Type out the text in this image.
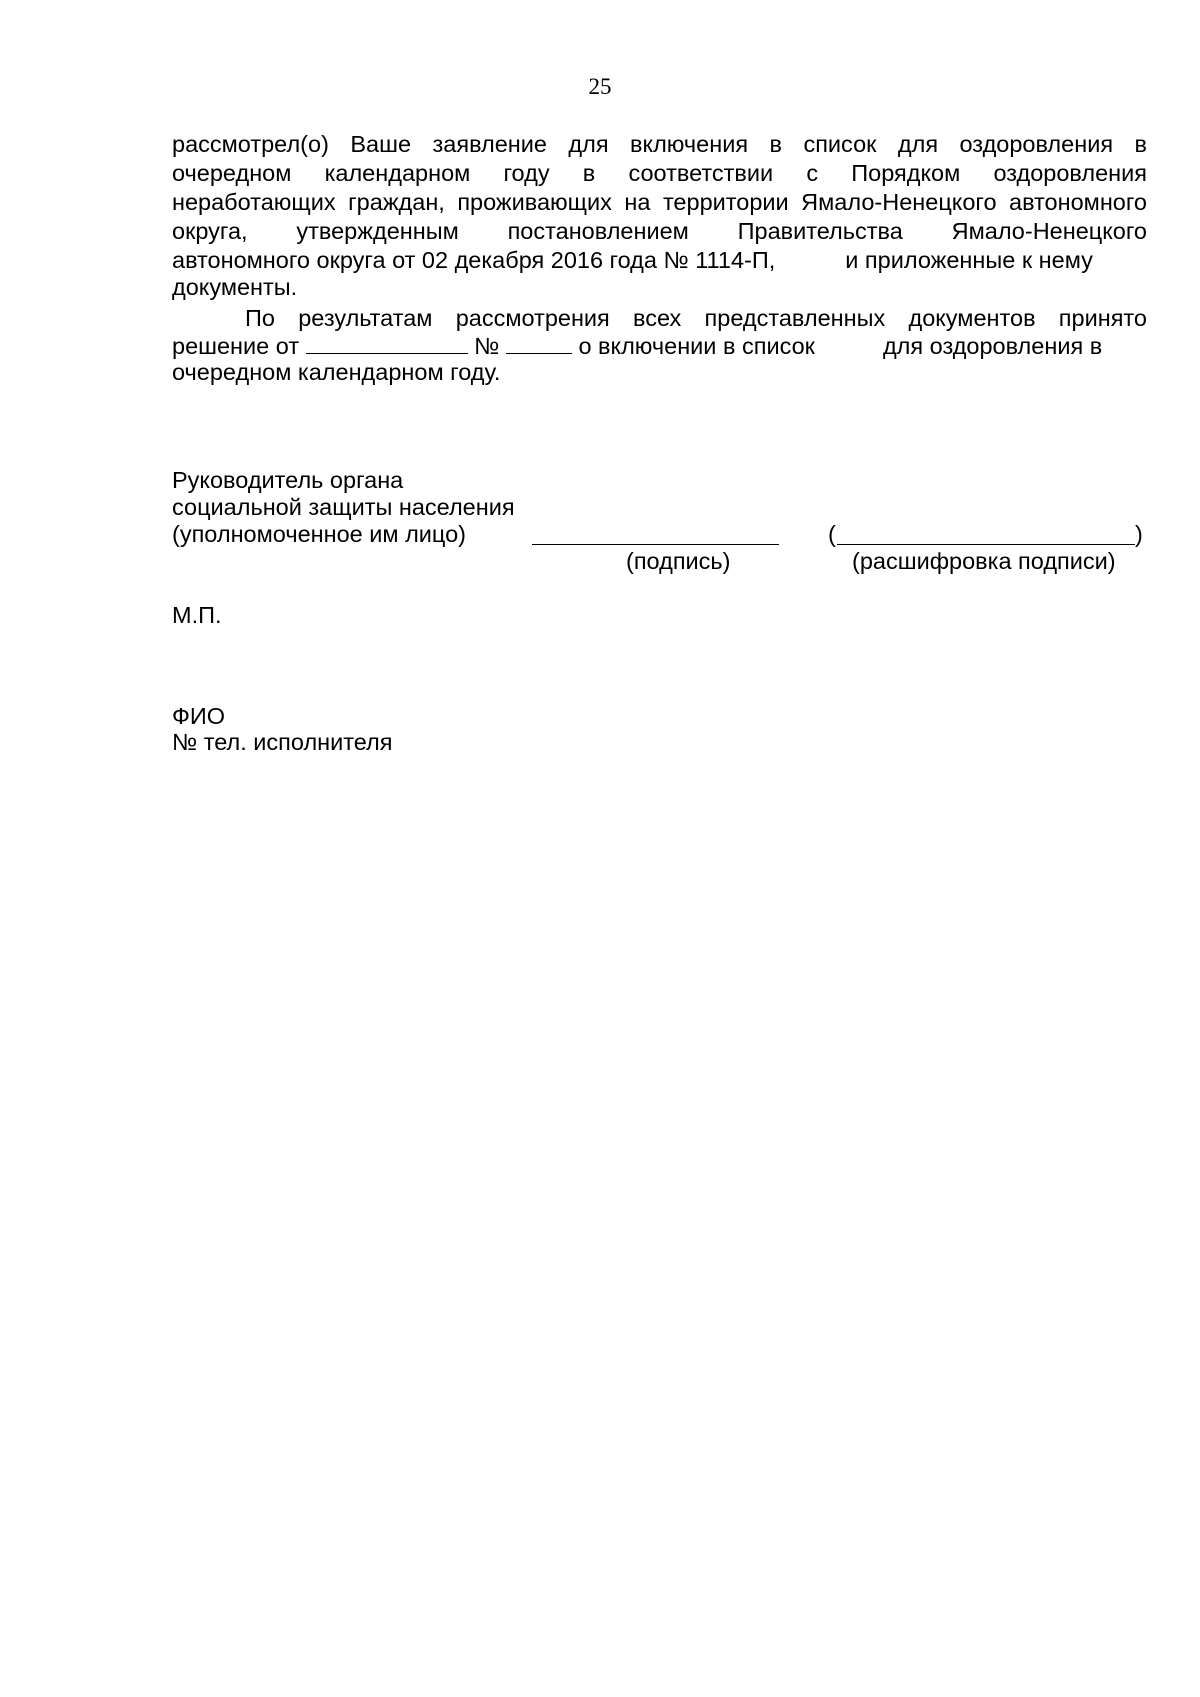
25
рассмотрел(о) Ваше заявление для включения в список для оздоровления в
очередном календарном году в соответствии с Порядком оздоровления
неработающих граждан, проживающих на территории Ямало-Ненецкого автономного
округа, утвержденным постановлением Правительства Ямало-Ненецкого
автономного округа от 02 декабря 2016 года № 1114-П,	и приложенные к нему
документы.
По результатам рассмотрения всех представленных документов принято
решение от	№	о включении в список	для оздоровления в
очередном календарном году.
Руководитель органа
социальной защиты населения
(уполномоченное им лицо)	(	)
(подпись)	(расшифровка подписи)
М.П.
ФИО
№ тел. исполнителя
